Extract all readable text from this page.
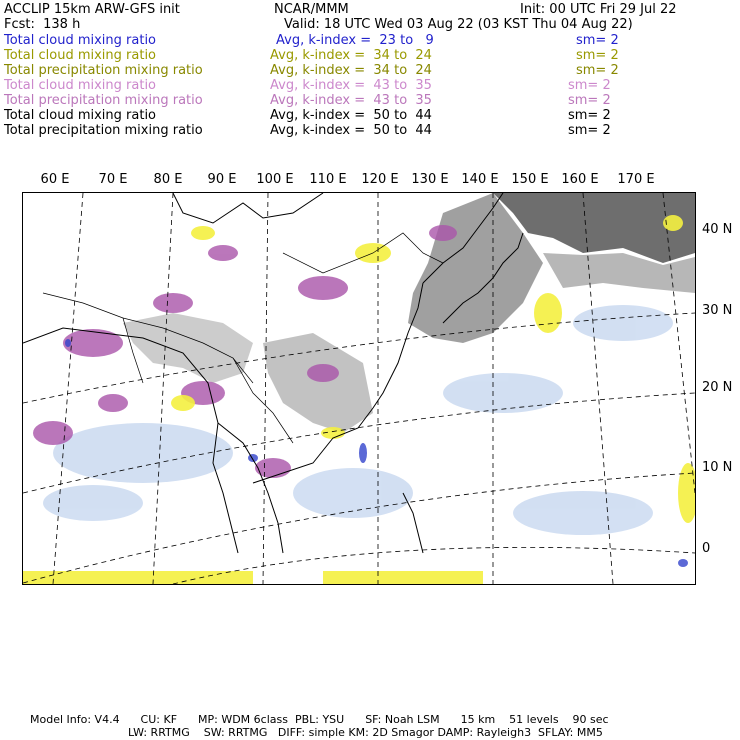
ACCLIP 15km ARW-GFS init	NCAR/MMM	Init: 00 UTC Fri 29 Jul 22
Fcst:  138 h	Valid: 18 UTC Wed 03 Aug 22 (03 KST Thu 04 Aug 22)
Total cloud mixing ratio	Avg, k-index =  23 to   9	sm= 2
Total cloud mixing ratio	Avg, k-index =  34 to  24	sm= 2
Total precipitation mixing ratio	Avg, k-index =  34 to  24	sm= 2
Total cloud mixing ratio	Avg, k-index =  43 to  35	sm= 2
Total precipitation mixing ratio	Avg, k-index =  43 to  35	sm= 2
Total cloud mixing ratio	Avg, k-index =  50 to  44	sm= 2
Total precipitation mixing ratio	Avg, k-index =  50 to  44	sm= 2
60 E 70 E 80 E 90 E 100 E 110 E 120 E 130 E 140 E 150 E 160 E 170 E
40 N
30 N
20 N
10 N
0
Model Info: V4.4      CU: KF      MP: WDM 6class  PBL: YSU      SF: Noah LSM      15 km    51 levels    90 sec
LW: RRTMG    SW: RRTMG   DIFF: simple KM: 2D Smagor DAMP: Rayleigh3  SFLAY: MM5
